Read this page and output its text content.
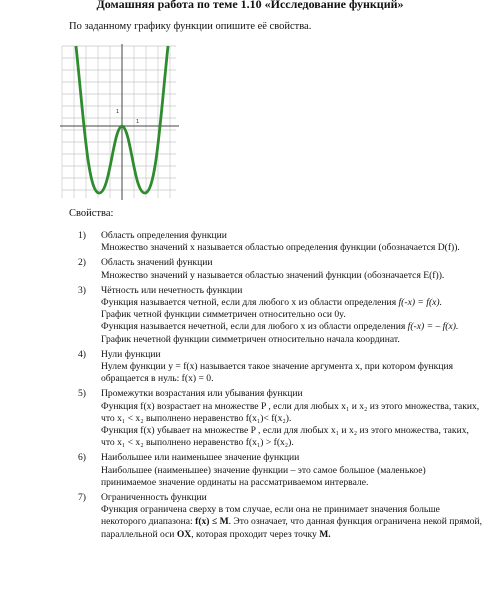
Домашняя работа по теме 1.10 «Исследование функций»
По заданному графику функции опишите её свойства.
1
1
Свойства:
1)	Область определения функции
Множество значений x называется областью определения функции (обозначается D(f)).
2)	Область значений функции
Множество значений y называется областью значений функции (обозначается E(f)).
3)	Чётность или нечетность функции
Функция называется четной, если для любого x из области определения f(-x) = f(x).
График четной функции симметричен относительно оси 0y.
Функция называется нечетной, если для любого x из области определения f(-x) = – f(x).
График нечетной функции симметричен относительно начала координат.
4)	Нули функции
Нулем функции y = f(x) называется такое значение аргумента x, при котором функция обращается в нуль: f(x) = 0.
5)	Промежутки возрастания или убывания функции
Функция f(x) возрастает на множестве P , если для любых x₁ и x₂ из этого множества, таких, что x₁ < x₂ выполнено неравенство f(x₁)< f(x₂).
Функция f(x) убывает на множестве P , если для любых x₁ и x₂ из этого множества, таких, что x₁ < x₂ выполнено неравенство f(x₁) > f(x₂).
6)	Наибольшее или наименьшее значение функции
Наибольшее (наименьшее) значение функции – это самое большое (маленькое) принимаемое значение ординаты на рассматриваемом интервале.
7)	Ограниченность функции
Функция ограничена сверху в том случае, если она не принимает значения больше некоторого диапазона: f(x) ≤ M. Это означает, что данная функция ограничена некой прямой, параллельной оси OX, которая проходит через точку M.
